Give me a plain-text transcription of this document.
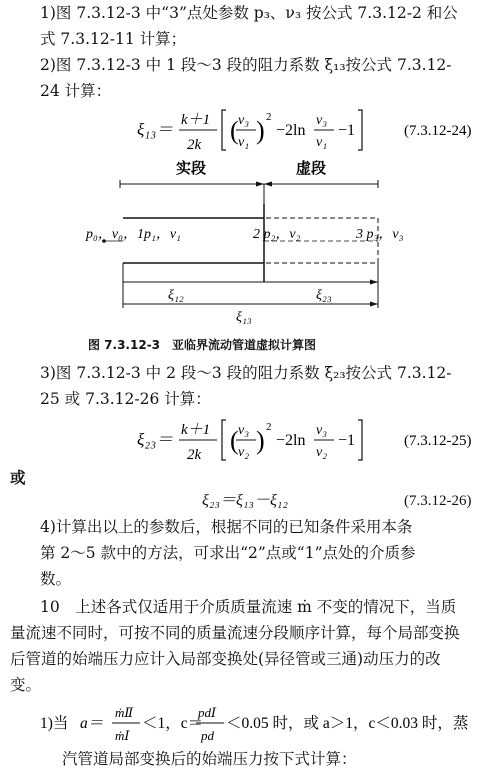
1)图 7.3.12-3 中“3”点处参数 p₃、ν₃ 按公式 7.3.12-2 和公
式 7.3.12-11 计算；
2)图 7.3.12-3 中 1 段～3 段的阻力系数 ξ₁₃按公式 7.3.12-
24 计算：
ξ₁₃＝ k＋1
2k ( ν₃
ν₁ ) 2
−2ln
ν₃
ν₁
−1	(7.3.12-24)
实段	虚段
p₀，ν₀，1p₁，ν₁	2 p₂，ν₂	3 p₃，ν₃
ξ₁₂	ξ₂₃
ξ₁₃
图 7.3.12-3　亚临界流动管道虚拟计算图
3)图 7.3.12-3 中 2 段～3 段的阻力系数 ξ₂₃按公式 7.3.12-
25 或 7.3.12-26 计算：
ξ₂₃＝ k＋1
2k ( ν₃
ν₂ ) 2
−2ln
ν₃
ν₂
−1	(7.3.12-25)
或
ξ₂₃＝ξ₁₃－ξ₁₂	(7.3.12-26)
4)计算出以上的参数后，根据不同的已知条件采用本条
第 2～5 款中的方法，可求出“2”点或“1”点处的介质参
数。
10　上述各式仅适用于介质质量流速 ṁ 不变的情况下，当质
量流速不同时，可按不同的质量流速分段顺序计算，每个局部变换
后管道的始端压力应计入局部变换处(异径管或三通)动压力的改
变。
1)当 a＝
ṁⅡ
ṁⅠ
＜1，c＝
pdⅠ
pd
＜0.05 时，或 a＞1，c＜0.03 时，蒸
汽管道局部变换后的始端压力按下式计算：
